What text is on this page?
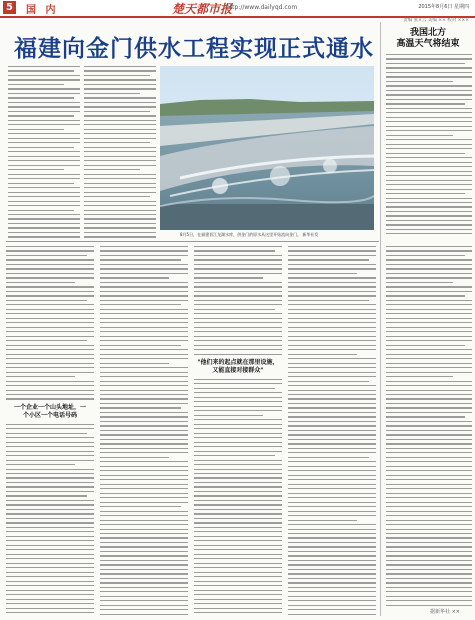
5	国 内	楚天都市报
http://www.dailyqd.com	2015年8月6日 星期四
责编 张×云 美编 ×× 校对 ×××
福建向金门供水工程实现正式通水
8月5日，在福建晋江龙湖水库，供金门的原水从这里开始流向金门。 新华社发
我国北方
高温天气将结束
一个企业一个山头地址，一
个小区一个电话号码
"他们来的起点就在那里设施，
又能直接对接群众"
据新华社 ××
